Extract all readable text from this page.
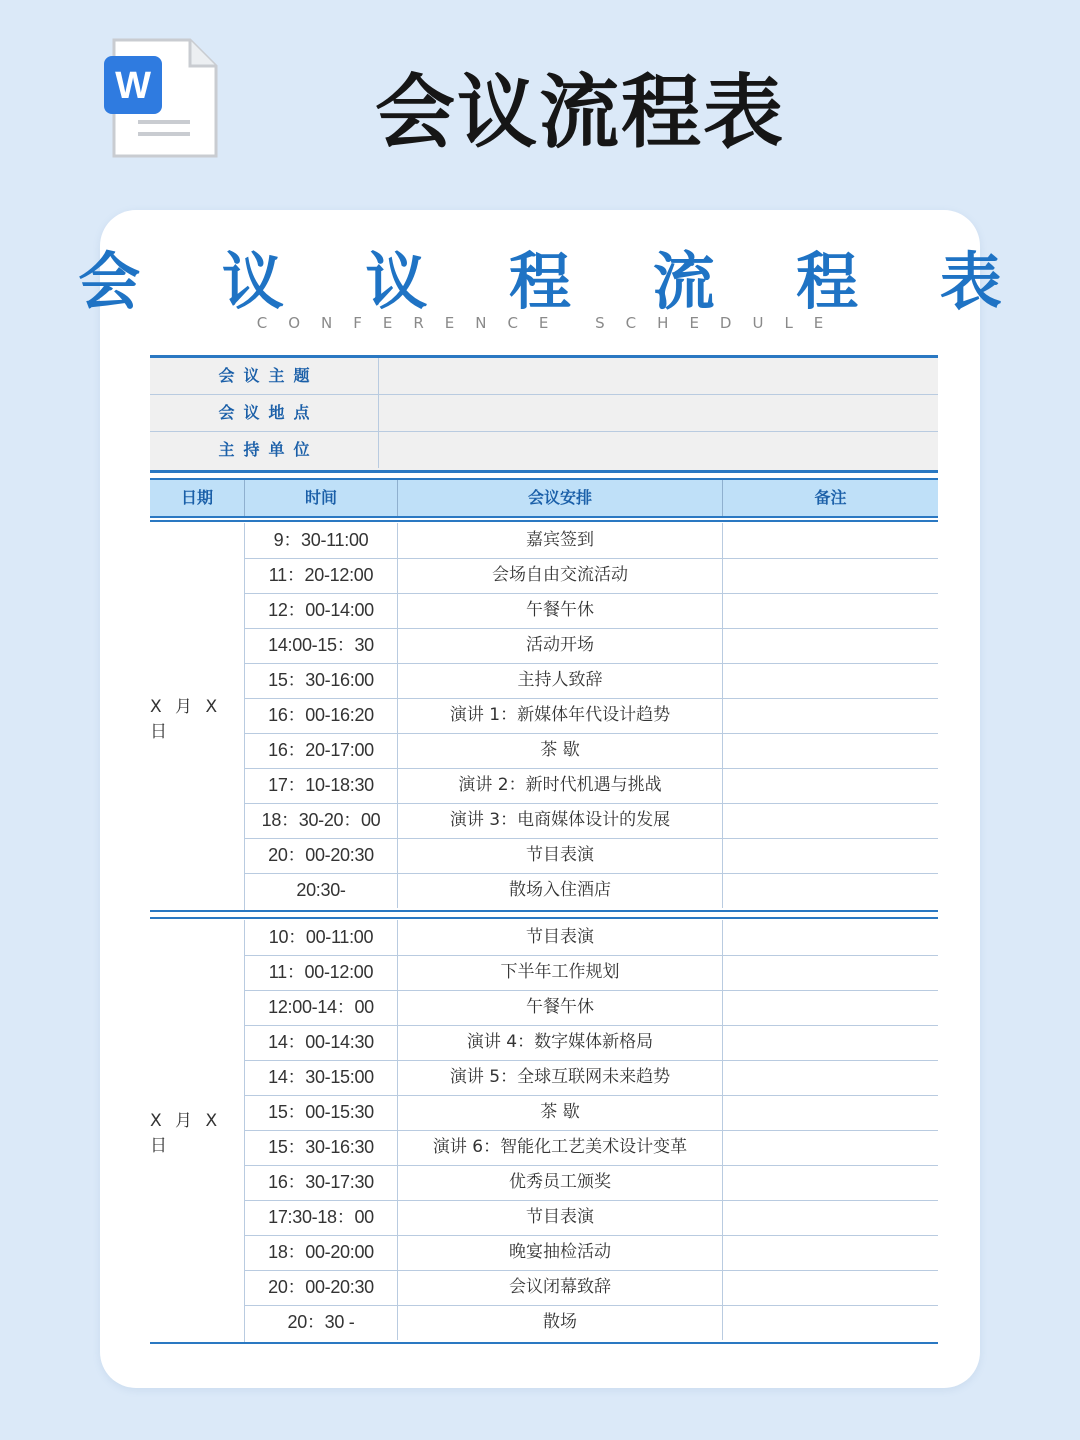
W	会议流程表
会 议 议 程 流 程 表
CONFERENCE SCHEDULE
会议主题
会议地点
主持单位
日期	时间	会议安排	备注
X 月 X 日
9：30-11:00	嘉宾签到
11：20-12:00	会场自由交流活动
12：00-14:00	午餐午休
14:00-15：30	活动开场
15：30-16:00	主持人致辞
16：00-16:20	演讲 1：新媒体年代设计趋势
16：20-17:00	茶 歇
17：10-18:30	演讲 2：新时代机遇与挑战
18：30-20：00	演讲 3：电商媒体设计的发展
20：00-20:30	节目表演
20:30-	散场入住酒店
X 月 X 日
10：00-11:00	节目表演
11：00-12:00	下半年工作规划
12:00-14：00	午餐午休
14：00-14:30	演讲 4：数字媒体新格局
14：30-15:00	演讲 5：全球互联网未来趋势
15：00-15:30	茶 歇
15：30-16:30	演讲 6：智能化工艺美术设计变革
16：30-17:30	优秀员工颁奖
17:30-18：00	节目表演
18：00-20:00	晚宴抽检活动
20：00-20:30	会议闭幕致辞
20：30 -	散场
